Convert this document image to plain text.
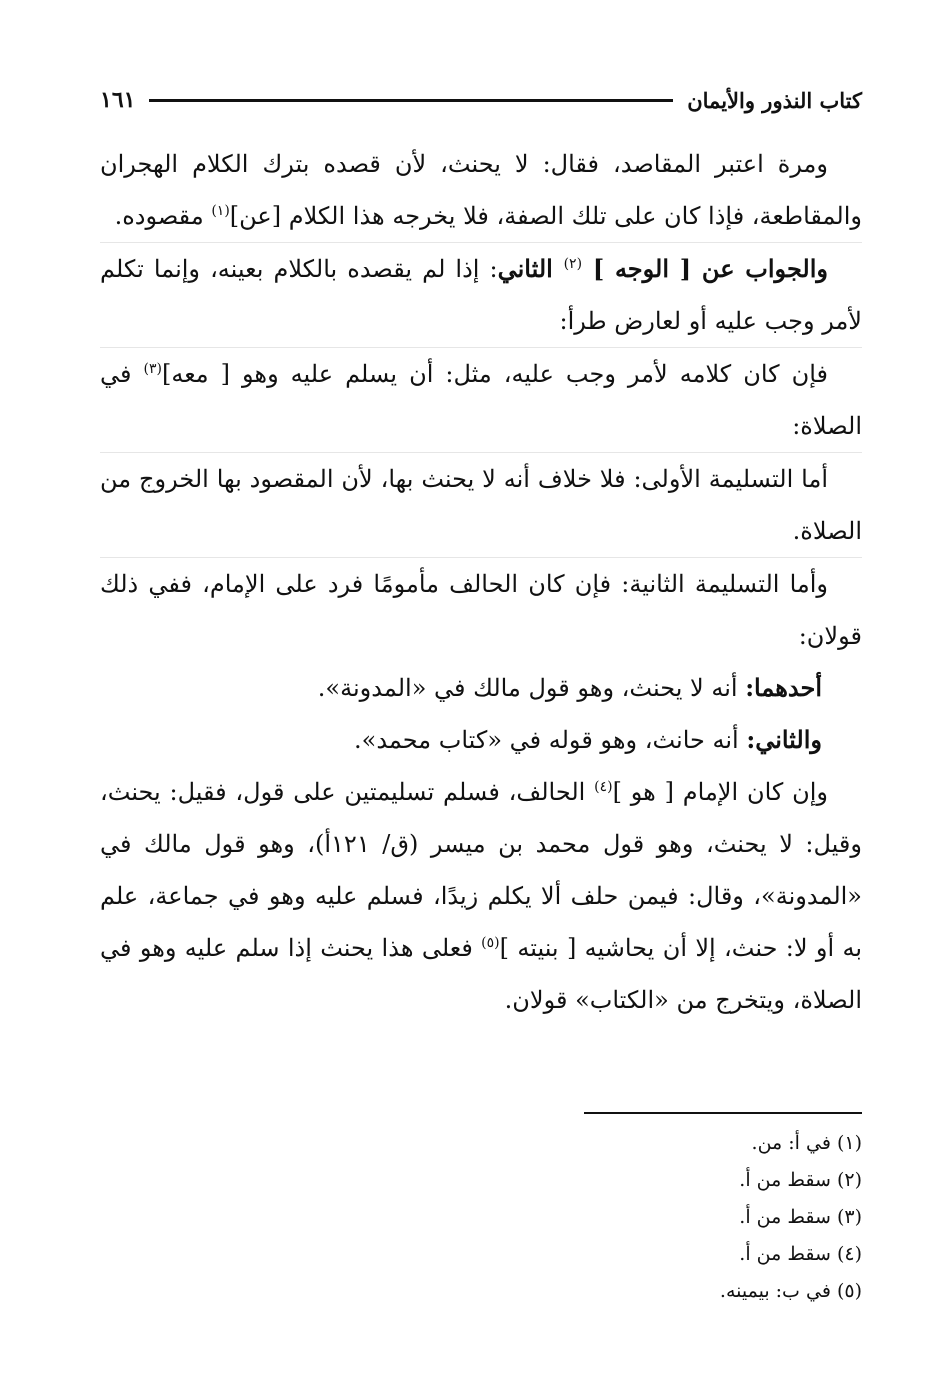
كتاب النذور والأيمان
١٦١

ومرة اعتبر المقاصد، فقال: لا يحنث، لأن قصده بترك الكلام الهجران والمقاطعة، فإذا كان على تلك الصفة، فلا يخرجه هذا الكلام [عن]$^{(١)}$ مقصوده.

والجواب عن [ الوجه ] $^{(٢)}$ الثاني: إذا لم يقصده بالكلام بعينه، وإنما تكلم لأمر وجب عليه أو لعارض طرأ:

فإن كان كلامه لأمر وجب عليه، مثل: أن يسلم عليه وهو [ معه]$^{(٣)}$ في الصلاة:

أما التسليمة الأولى: فلا خلاف أنه لا يحنث بها، لأن المقصود بها الخروج من الصلاة.

وأما التسليمة الثانية: فإن كان الحالف مأمومًا فرد على الإمام، ففي ذلك قولان:

أحدهما: أنه لا يحنث، وهو قول مالك في «المدونة».

والثاني: أنه حانث، وهو قوله في «كتاب محمد».

وإن كان الإمام [ هو ]$^{(٤)}$ الحالف، فسلم تسليمتين على قول، فقيل: يحنث، وقيل: لا يحنث، وهو قول محمد بن ميسر (ق/ ١٢١أ)، وهو قول مالك في «المدونة»، وقال: فيمن حلف ألا يكلم زيدًا، فسلم عليه وهو في جماعة، علم به أو لا: حنث، إلا أن يحاشيه [ بنيته ]$^{(٥)}$ فعلى هذا يحنث إذا سلم عليه وهو في الصلاة، ويتخرج من «الكتاب» قولان.

(١) في أ: من.

(٢) سقط من أ.

(٣) سقط من أ.

(٤) سقط من أ.

(٥) في ب: بيمينه.
